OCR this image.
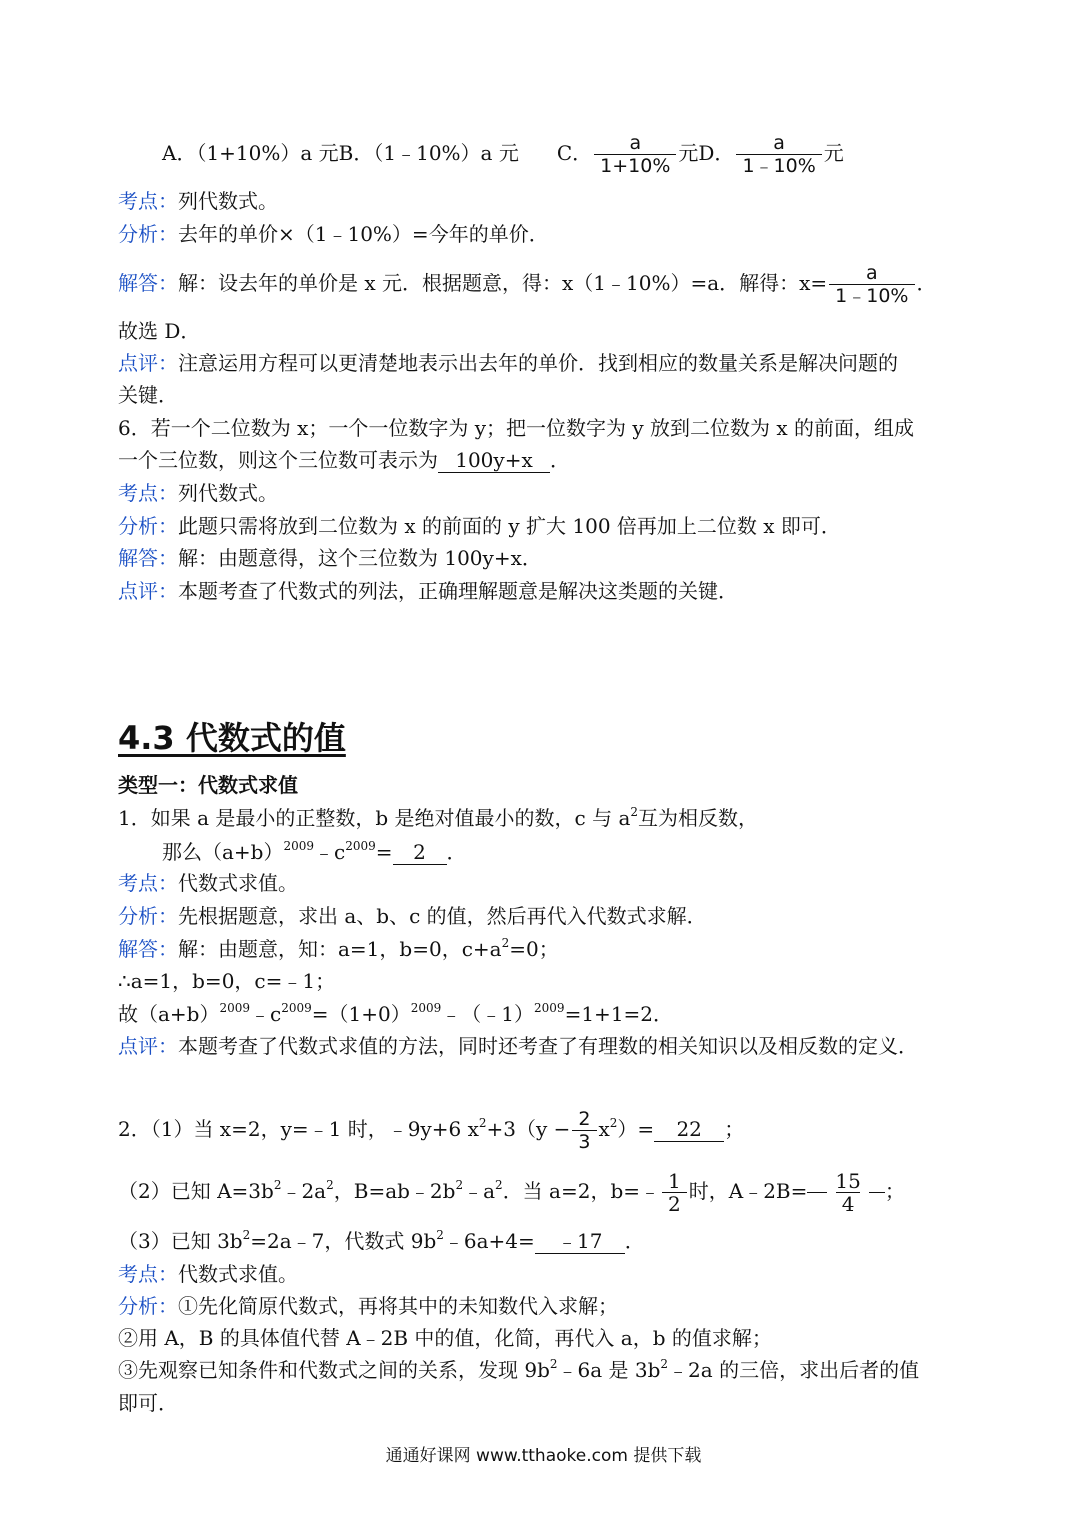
A．（1+10%）a 元B．（1﹣10%）a 元 C． $\frac{a}{1+10\%}$ 元D． $\frac{a}{1﹣10\%}$ 元
考点：列代数式。
分析：去年的单价×（1﹣10%）=今年的单价．
解答：解：设去年的单价是 x 元．根据题意，得：x（1﹣10%）=a．解得：$x= \frac{a}{1﹣10\%}$ ．
故选 D．
点评：注意运用方程可以更清楚地表示出去年的单价．找到相应的数量关系是解决问题的
关键．
6．若一个二位数为 x；一个一位数字为 y；把一位数字为 y 放到二位数为 x 的前面，组成
一个三位数，则这个三位数可表示为 100y+x ．
考点：列代数式。
分析：此题只需将放到二位数为 x 的前面的 y 扩大 100 倍再加上二位数 x 即可．
解答：解：由题意得，这个三位数为 100y+x．
点评：本题考查了代数式的列法，正确理解题意是解决这类题的关键．
4.3 代数式的值
类型一：代数式求值
1．如果 a 是最小的正整数，b 是绝对值最小的数，c 与 $a^2$互为相反数，
那么$(a+b)^{2009}﹣c^{2009}= 2$ ．
考点：代数式求值。
分析：先根据题意，求出 a、b、c 的值，然后再代入代数式求解．
解答：解：由题意，知：a=1，b=0，$c+a^2=0$；
∴a=1，b=0，c=﹣1；
故$(a+b)^{2009}﹣c^{2009}=(1+0)^{2009}﹣(﹣1)^{2009}=1+1=2$．
点评：本题考查了代数式求值的方法，同时还考查了有理数的相关知识以及相反数的定义．
2．（1）当 x=2，y=﹣1 时，﹣9y+6 $x^2+3(y - \frac{2}{3} x^2)= 22$ ；
（2）已知 $A=3b^2﹣2a^2$，$B=ab﹣2b^2﹣a^2$．当 a=2，b=﹣ $\frac{1}{2}$ 时，A﹣2B= $\frac{15}{4}$ ；
（3）已知 $3b^2=2a﹣7$，代数式 $9b^2﹣6a+4=$ ﹣17 ．
考点：代数式求值。
分析：①先化简原代数式，再将其中的未知数代入求解；
②用 A，B 的具体值代替 A﹣2B 中的值，化简，再代入 a，b 的值求解；
③先观察已知条件和代数式之间的关系，发现 $9b^2﹣6a$ 是 $3b^2﹣2a$ 的三倍，求出后者的值
即可．
通通好课网 www.tthaoke.com 提供下载
